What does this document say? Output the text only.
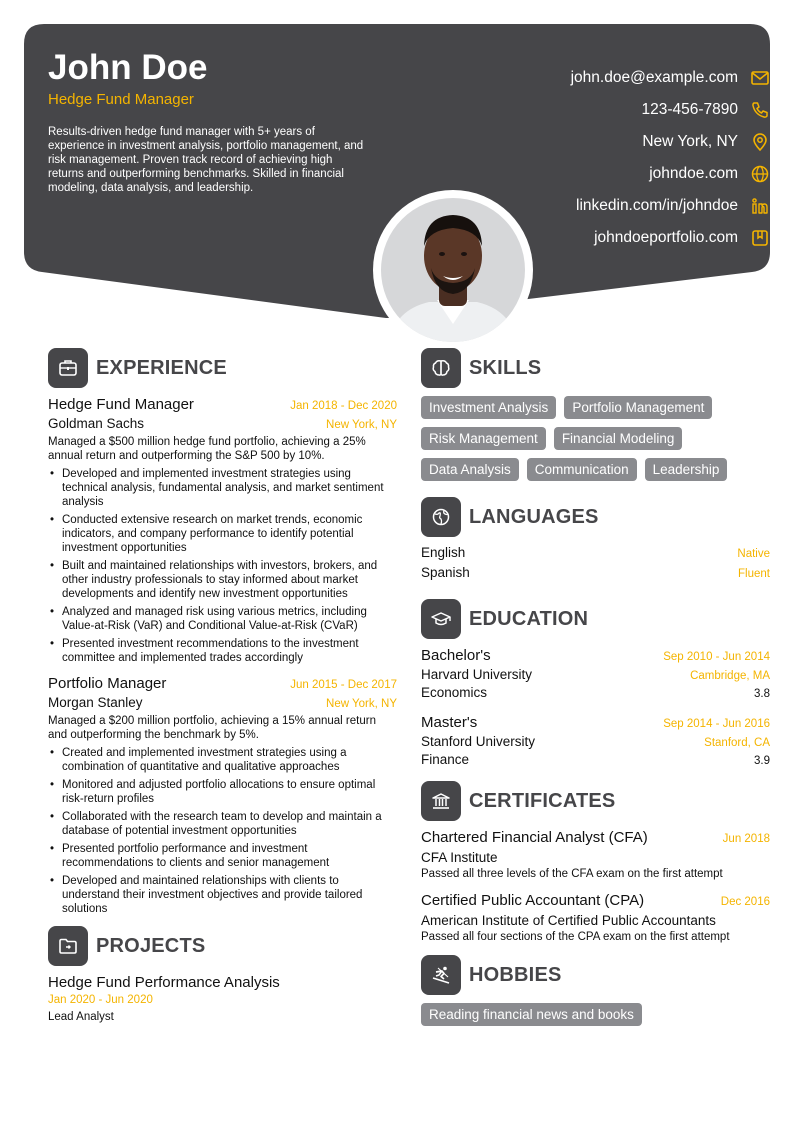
John Doe
Hedge Fund Manager
Results-driven hedge fund manager with 5+ years of experience in investment analysis, portfolio management, and risk management. Proven track record of achieving high returns and outperforming benchmarks. Skilled in financial modeling, data analysis, and leadership.
john.doe@example.com
123-456-7890
New York, NY
johndoe.com
linkedin.com/in/johndoe
johndoeportfolio.com
EXPERIENCE
Hedge Fund Manager	Jan 2018 - Dec 2020
Goldman Sachs	New York, NY
Managed a $500 million hedge fund portfolio, achieving a 25% annual return and outperforming the S&P 500 by 10%.
• Developed and implemented investment strategies using technical analysis, fundamental analysis, and market sentiment analysis
• Conducted extensive research on market trends, economic indicators, and company performance to identify potential investment opportunities
• Built and maintained relationships with investors, brokers, and other industry professionals to stay informed about market developments and identify new investment opportunities
• Analyzed and managed risk using various metrics, including Value-at-Risk (VaR) and Conditional Value-at-Risk (CVaR)
• Presented investment recommendations to the investment committee and implemented trades accordingly
Portfolio Manager	Jun 2015 - Dec 2017
Morgan Stanley	New York, NY
Managed a $200 million portfolio, achieving a 15% annual return and outperforming the benchmark by 5%.
• Created and implemented investment strategies using a combination of quantitative and qualitative approaches
• Monitored and adjusted portfolio allocations to ensure optimal risk-return profiles
• Collaborated with the research team to develop and maintain a database of potential investment opportunities
• Presented portfolio performance and investment recommendations to clients and senior management
• Developed and maintained relationships with clients to understand their investment objectives and provide tailored solutions
PROJECTS
Hedge Fund Performance Analysis
Jan 2020 - Jun 2020
Lead Analyst
SKILLS
Investment Analysis	Portfolio Management
Risk Management	Financial Modeling
Data Analysis	Communication	Leadership
LANGUAGES
English	Native
Spanish	Fluent
EDUCATION
Bachelor's	Sep 2010 - Jun 2014
Harvard University	Cambridge, MA
Economics	3.8
Master's	Sep 2014 - Jun 2016
Stanford University	Stanford, CA
Finance	3.9
CERTIFICATES
Chartered Financial Analyst (CFA)	Jun 2018
CFA Institute
Passed all three levels of the CFA exam on the first attempt
Certified Public Accountant (CPA)	Dec 2016
American Institute of Certified Public Accountants
Passed all four sections of the CPA exam on the first attempt
HOBBIES
Reading financial news and books
